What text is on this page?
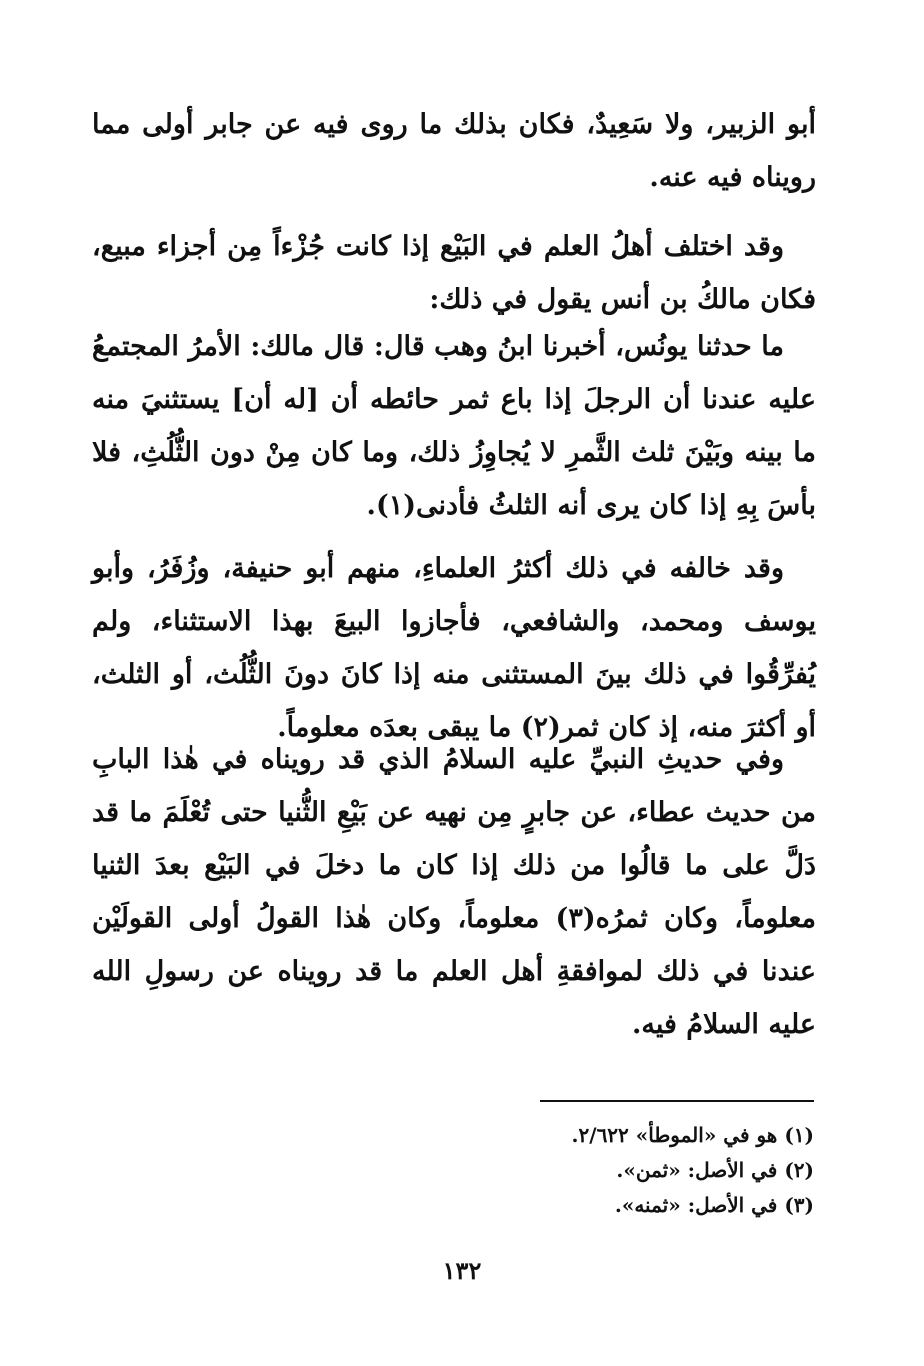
أبو الزبير، ولا سَعِيدٌ، فكان بذلك ما روى فيه عن جابر أولى مما رويناه فيه عنه.

وقد اختلف أهلُ العلم في البَيْع إذا كانت جُزْءاً مِن أجزاء مبيع، فكان مالكُ بن أنس يقول في ذلك:

ما حدثنا يونُس، أخبرنا ابنُ وهب قال: قال مالك: الأمرُ المجتمعُ عليه عندنا أن الرجلَ إذا باع ثمر حائطه أن [له أن] يستثنيَ منه ما بينه وبَيْنَ ثلث الثَّمرِ لا يُجاوِزُ ذلك، وما كان مِنْ دون الثُّلُثِ، فلا بأسَ بِهِ إذا كان يرى أنه الثلثُ فأدنى(١).

وقد خالفه في ذلك أكثرُ العلماءِ، منهم أبو حنيفة، وزُفَرُ، وأبو يوسف ومحمد، والشافعي، فأجازوا البيعَ بهذا الاستثناء، ولم يُفرِّقُوا في ذلك بينَ المستثنى منه إذا كانَ دونَ الثُّلُث، أو الثلث، أو أكثرَ منه، إذ كان ثمر(٢) ما يبقى بعدَه معلوماً.

وفي حديثِ النبيِّ عليه السلامُ الذي قد رويناه في هٰذا البابِ من حديث عطاء، عن جابرٍ مِن نهيه عن بَيْعِ الثُّنيا حتى تُعْلَمَ ما قد دَلَّ على ما قالُوا من ذلك إذا كان ما دخلَ في البَيْع بعدَ الثنيا معلوماً، وكان ثمرُه(٣) معلوماً، وكان هٰذا القولُ أولى القولَيْن عندنا في ذلك لموافقةِ أهل العلم ما قد رويناه عن رسولِ الله عليه السلامُ فيه.

(١) هو في «الموطأ» ٢/٦٢٢.

(٢) في الأصل: «ثمن».

(٣) في الأصل: «ثمنه».

١٣٢
